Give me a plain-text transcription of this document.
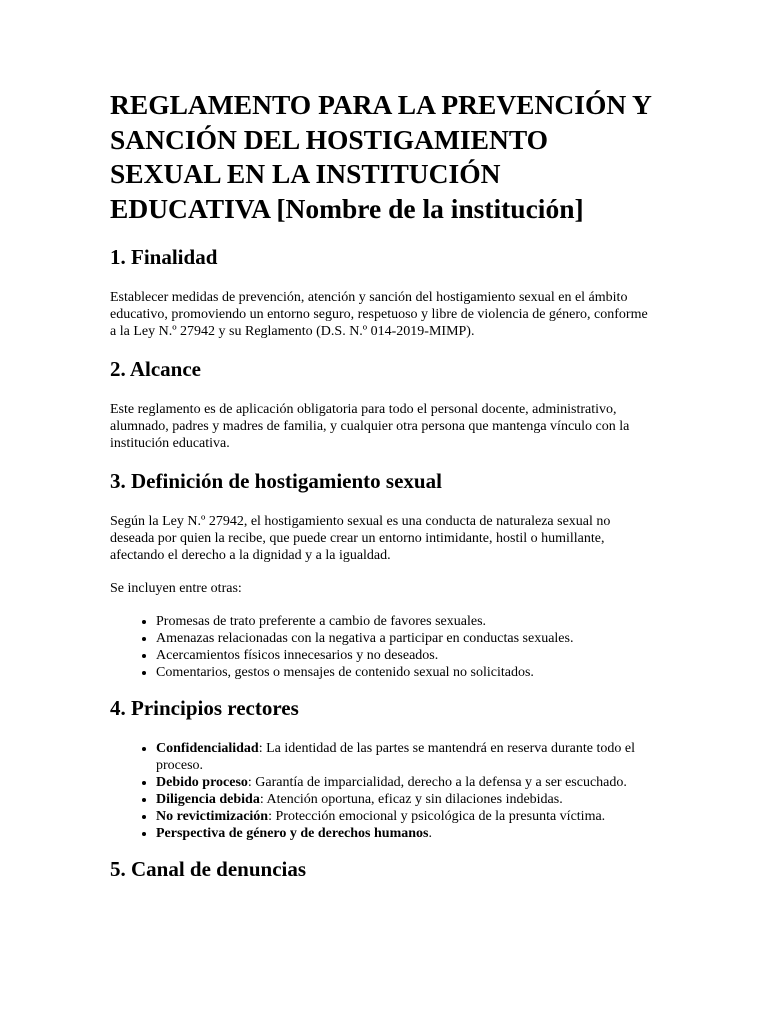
REGLAMENTO PARA LA PREVENCIÓN Y SANCIÓN DEL HOSTIGAMIENTO SEXUAL EN LA INSTITUCIÓN EDUCATIVA [Nombre de la institución]
1. Finalidad

Establecer medidas de prevención, atención y sanción del hostigamiento sexual en el ámbito educativo, promoviendo un entorno seguro, respetuoso y libre de violencia de género, conforme a la Ley N.º 27942 y su Reglamento (D.S. N.º 014-2019-MIMP).

2. Alcance

Este reglamento es de aplicación obligatoria para todo el personal docente, administrativo, alumnado, padres y madres de familia, y cualquier otra persona que mantenga vínculo con la institución educativa.

3. Definición de hostigamiento sexual

Según la Ley N.º 27942, el hostigamiento sexual es una conducta de naturaleza sexual no deseada por quien la recibe, que puede crear un entorno intimidante, hostil o humillante, afectando el derecho a la dignidad y a la igualdad.

Se incluyen entre otras:

• Promesas de trato preferente a cambio de favores sexuales.
• Amenazas relacionadas con la negativa a participar en conductas sexuales.
• Acercamientos físicos innecesarios y no deseados.
• Comentarios, gestos o mensajes de contenido sexual no solicitados.
4. Principios rectores
• Confidencialidad: La identidad de las partes se mantendrá en reserva durante todo el proceso.
• Debido proceso: Garantía de imparcialidad, derecho a la defensa y a ser escuchado.
• Diligencia debida: Atención oportuna, eficaz y sin dilaciones indebidas.
• No revictimización: Protección emocional y psicológica de la presunta víctima.
• Perspectiva de género y de derechos humanos.
5. Canal de denuncias
